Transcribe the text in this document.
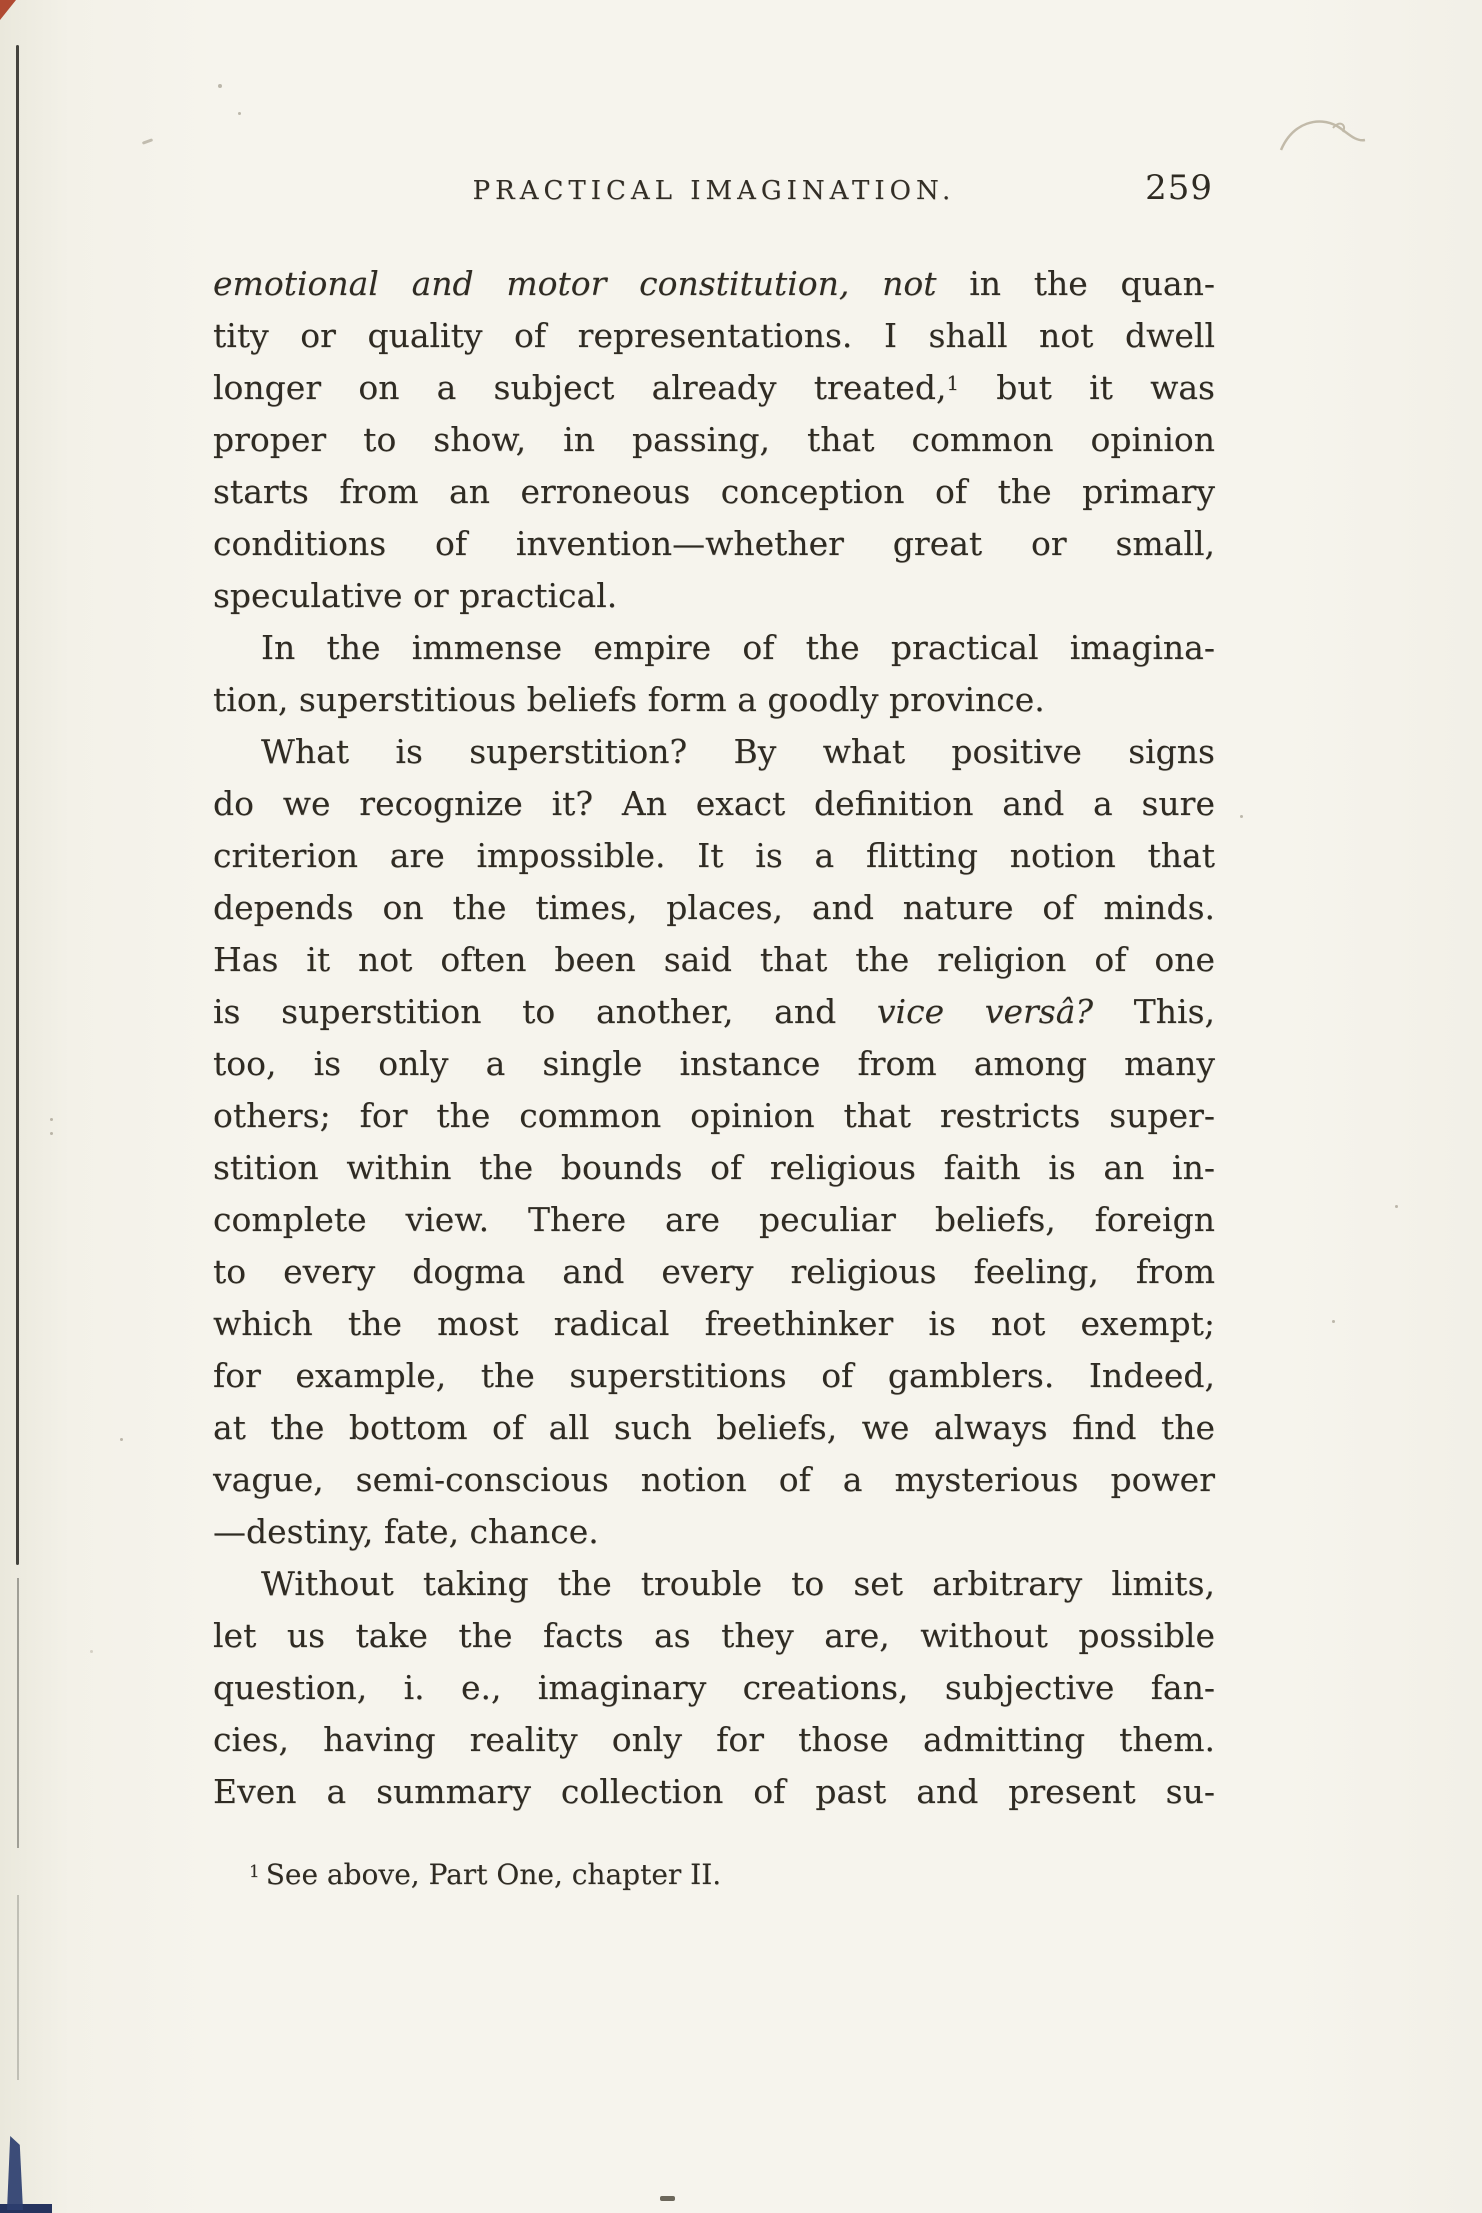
PRACTICAL IMAGINATION.	259
emotional and motor constitution, not in the quan-
tity or quality of representations. I shall not dwell
longer on a subject already treated,$^1$ but it was
proper to show, in passing, that common opinion
starts from an erroneous conception of the primary
conditions of invention—whether great or small,
speculative or practical.
In the immense empire of the practical imagina-
tion, superstitious beliefs form a goodly province.
What is superstition? By what positive signs
do we recognize it? An exact definition and a sure
criterion are impossible. It is a flitting notion that
depends on the times, places, and nature of minds.
Has it not often been said that the religion of one
is superstition to another, and vice versâ? This,
too, is only a single instance from among many
others; for the common opinion that restricts super-
stition within the bounds of religious faith is an in-
complete view. There are peculiar beliefs, foreign
to every dogma and every religious feeling, from
which the most radical freethinker is not exempt;
for example, the superstitions of gamblers. Indeed,
at the bottom of all such beliefs, we always find the
vague, semi-conscious notion of a mysterious power
—destiny, fate, chance.
Without taking the trouble to set arbitrary limits,
let us take the facts as they are, without possible
question, i. e., imaginary creations, subjective fan-
cies, having reality only for those admitting them.
Even a summary collection of past and present su-
$^1$ See above, Part One, chapter II.
